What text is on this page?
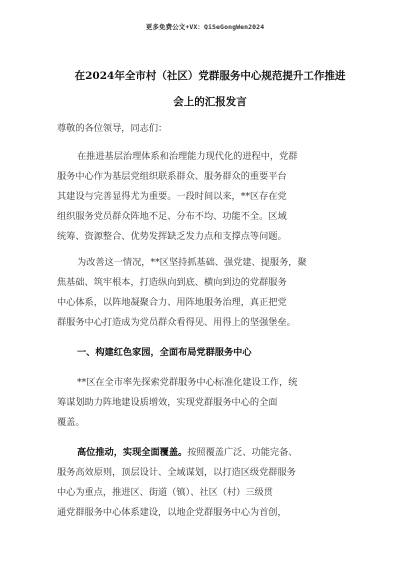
更多免费公文+VX：QiSeGongWen2024
在2024年全市村（社区）党群服务中心规范提升工作推进
会上的汇报发言
尊敬的各位领导，同志们：
在推进基层治理体系和治理能力现代化的进程中，党群
服务中心作为基层党组织联系群众、服务群众的重要平台
其建设与完善显得尤为重要。一段时间以来，**区存在党
组织服务党员群众阵地不足、分布不均、功能不全。区域
统筹、资源整合、优势发挥缺乏发力点和支撑点等问题。
为改善这一情况，**区坚持抓基础、强党建、提服务，聚
焦基础、筑牢根本，打造纵向到底、横向到边的党群服务
中心体系，以阵地凝聚合力、用阵地服务治理，真正把党
群服务中心打造成为党员群众看得见、用得上的坚强堡垒。
一、构建红色家园，全面布局党群服务中心
**区在全市率先探索党群服务中心标准化建设工作，统
筹谋划助力阵地建设质增效，实现党群服务中心的全面
覆盖。
高位推动，实现全面覆盖。按照覆盖广泛、功能完备、
服务高效原则，顶层设计、全域谋划，以打造区级党群服务
中心为重点，推进区、街道（镇）、社区（村）三级贯
通党群服务中心体系建设，以地企党群服务中心为首创，
